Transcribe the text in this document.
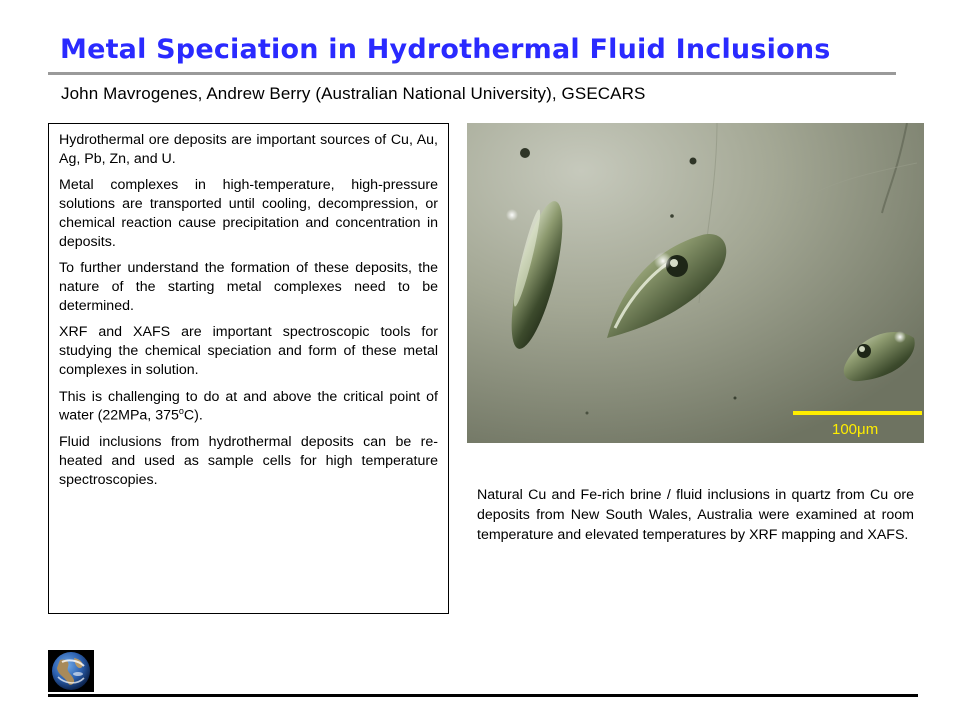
Metal Speciation in Hydrothermal Fluid Inclusions
John Mavrogenes, Andrew Berry (Australian National University), GSECARS

Hydrothermal ore deposits are important sources of Cu, Au, Ag, Pb, Zn, and U.

Metal complexes in high-temperature, high-pressure solutions are transported until cooling, decompression, or chemical reaction cause precipitation and concentration in deposits.

To further understand the formation of these deposits, the nature of the starting metal complexes need to be determined.

XRF and XAFS are important spectroscopic tools for studying the chemical speciation and form of these metal complexes in solution.

This is challenging to do at and above the critical point of water (22MPa, 375$^o$C).

Fluid inclusions from hydrothermal deposits can be re-heated and used as sample cells for high temperature spectroscopies.

100μm

Natural Cu and Fe-rich brine / fluid inclusions in quartz from Cu ore deposits from New South Wales, Australia were examined at room temperature and elevated temperatures by XRF mapping and XAFS.
